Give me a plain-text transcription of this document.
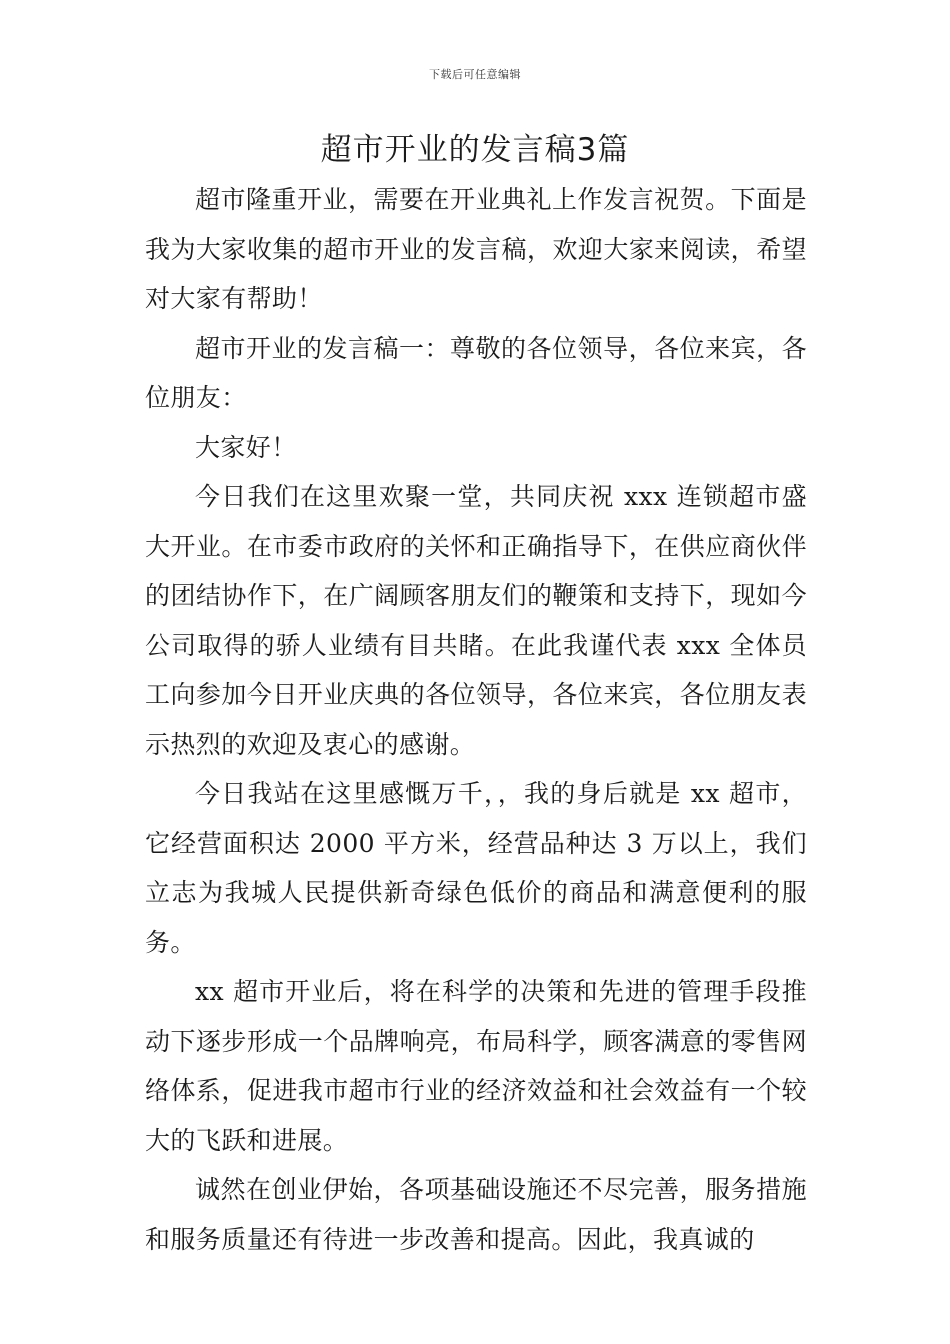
下载后可任意编辑
超市开业的发言稿3篇

超市隆重开业，需要在开业典礼上作发言祝贺。下面是我为大家收集的超市开业的发言稿，欢迎大家来阅读，希望对大家有帮助！

超市开业的发言稿一：尊敬的各位领导，各位来宾，各位朋友：

大家好！

今日我们在这里欢聚一堂，共同庆祝 xxx 连锁超市盛大开业。在市委市政府的关怀和正确指导下，在供应商伙伴的团结协作下，在广阔顾客朋友们的鞭策和支持下，现如今公司取得的骄人业绩有目共睹。在此我谨代表 xxx 全体员工向参加今日开业庆典的各位领导，各位来宾，各位朋友表示热烈的欢迎及衷心的感谢。

今日我站在这里感慨万千，，我的身后就是 xx 超市，它经营面积达 2000 平方米，经营品种达 3 万以上，我们立志为我城人民提供新奇绿色低价的商品和满意便利的服务。

xx 超市开业后，将在科学的决策和先进的管理手段推动下逐步形成一个品牌响亮，布局科学，顾客满意的零售网络体系，促进我市超市行业的经济效益和社会效益有一个较大的飞跃和进展。

诚然在创业伊始，各项基础设施还不尽完善，服务措施和服务质量还有待进一步改善和提高。因此，我真诚的
